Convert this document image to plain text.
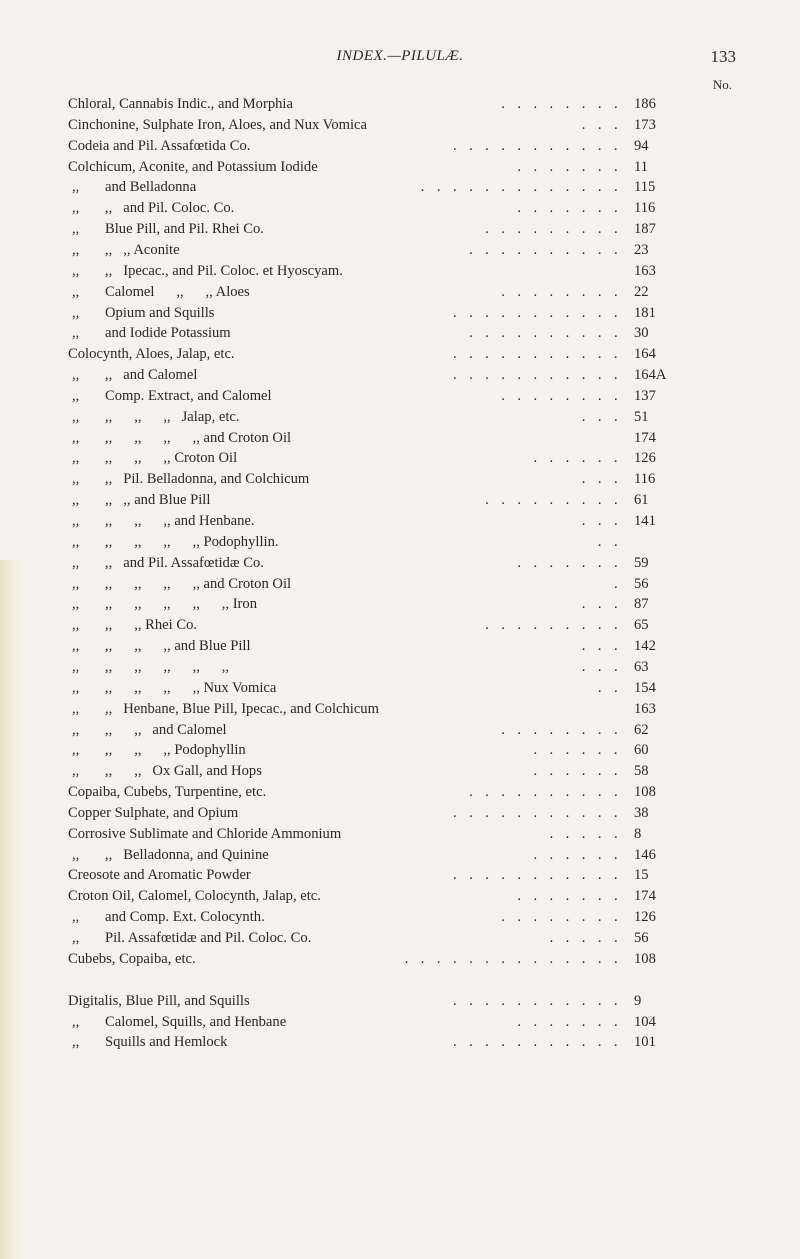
INDEX.—PILULÆ.	133
No.
Chloral, Cannabis Indic., and Morphia	. . . . . . . . 186
Cinchonine, Sulphate Iron, Aloes, and Nux Vomica	. . . 173
Codeia and Pil. Assafœtida Co.	. . . . . . . . . . . 94
Colchicum, Aconite, and Potassium Iodide	. . . . . . . 11
,, and Belladonna	. . . . . . . . . . . . . 115
,, ,,   and Pil. Coloc. Co.	. . . . . . . 116
,, Blue Pill, and Pil. Rhei Co.	. . . . . . . . . 187
,, ,,   ,, Aconite	. . . . . . . . . . 23
,, ,,   Ipecac., and Pil. Coloc. et Hyoscyam.	163
,, Calomel      ,,      ,, Aloes	. . . . . . . . 22
,, Opium and Squills	. . . . . . . . . . . 181
,, and Iodide Potassium	. . . . . . . . . . 30
Colocynth, Aloes, Jalap, etc.	. . . . . . . . . . . 164
,, ,,   and Calomel	. . . . . . . . . . . 164A
,, Comp. Extract, and Calomel	. . . . . . . . 137
,, ,,      ,,      ,,   Jalap, etc.	. . . 51
,, ,,      ,,      ,,      ,, and Croton Oil	174
,, ,,      ,,      ,, Croton Oil	. . . . . . 126
,, ,,   Pil. Belladonna, and Colchicum	. . . 116
,, ,,   ,, and Blue Pill	. . . . . . . . . 61
,, ,,      ,,      ,, and Henbane.	. . . 141
,, ,,      ,,      ,,      ,, Podophyllin.	. .
,, ,,   and Pil. Assafœtidæ Co.	. . . . . . . 59
,, ,,      ,,      ,,      ,, and Croton Oil	. 56
,, ,,      ,,      ,,      ,,      ,, Iron	. . . 87
,, ,,      ,, Rhei Co.	. . . . . . . . . 65
,, ,,      ,,      ,, and Blue Pill	. . . 142
,, ,,      ,,      ,,      ,,      ,,	. . . 63
,, ,,      ,,      ,,      ,, Nux Vomica	. . 154
,, ,,   Henbane, Blue Pill, Ipecac., and Colchicum	163
,, ,,      ,,   and Calomel	. . . . . . . . 62
,, ,,      ,,      ,, Podophyllin	. . . . . . 60
,, ,,      ,,   Ox Gall, and Hops	. . . . . . 58
Copaiba, Cubebs, Turpentine, etc.	. . . . . . . . . . 108
Copper Sulphate, and Opium	. . . . . . . . . . . 38
Corrosive Sublimate and Chloride Ammonium	. . . . . 8
,, ,,   Belladonna, and Quinine	. . . . . . 146
Creosote and Aromatic Powder	. . . . . . . . . . . 15
Croton Oil, Calomel, Colocynth, Jalap, etc.	. . . . . . . 174
,, and Comp. Ext. Colocynth.	. . . . . . . . 126
,, Pil. Assafœtidæ and Pil. Coloc. Co.	. . . . . 56
Cubebs, Copaiba, etc.	. . . . . . . . . . . . . . 108
Digitalis, Blue Pill, and Squills	. . . . . . . . . . . 9
,, Calomel, Squills, and Henbane	. . . . . . . 104
,, Squills and Hemlock	. . . . . . . . . . . 101
